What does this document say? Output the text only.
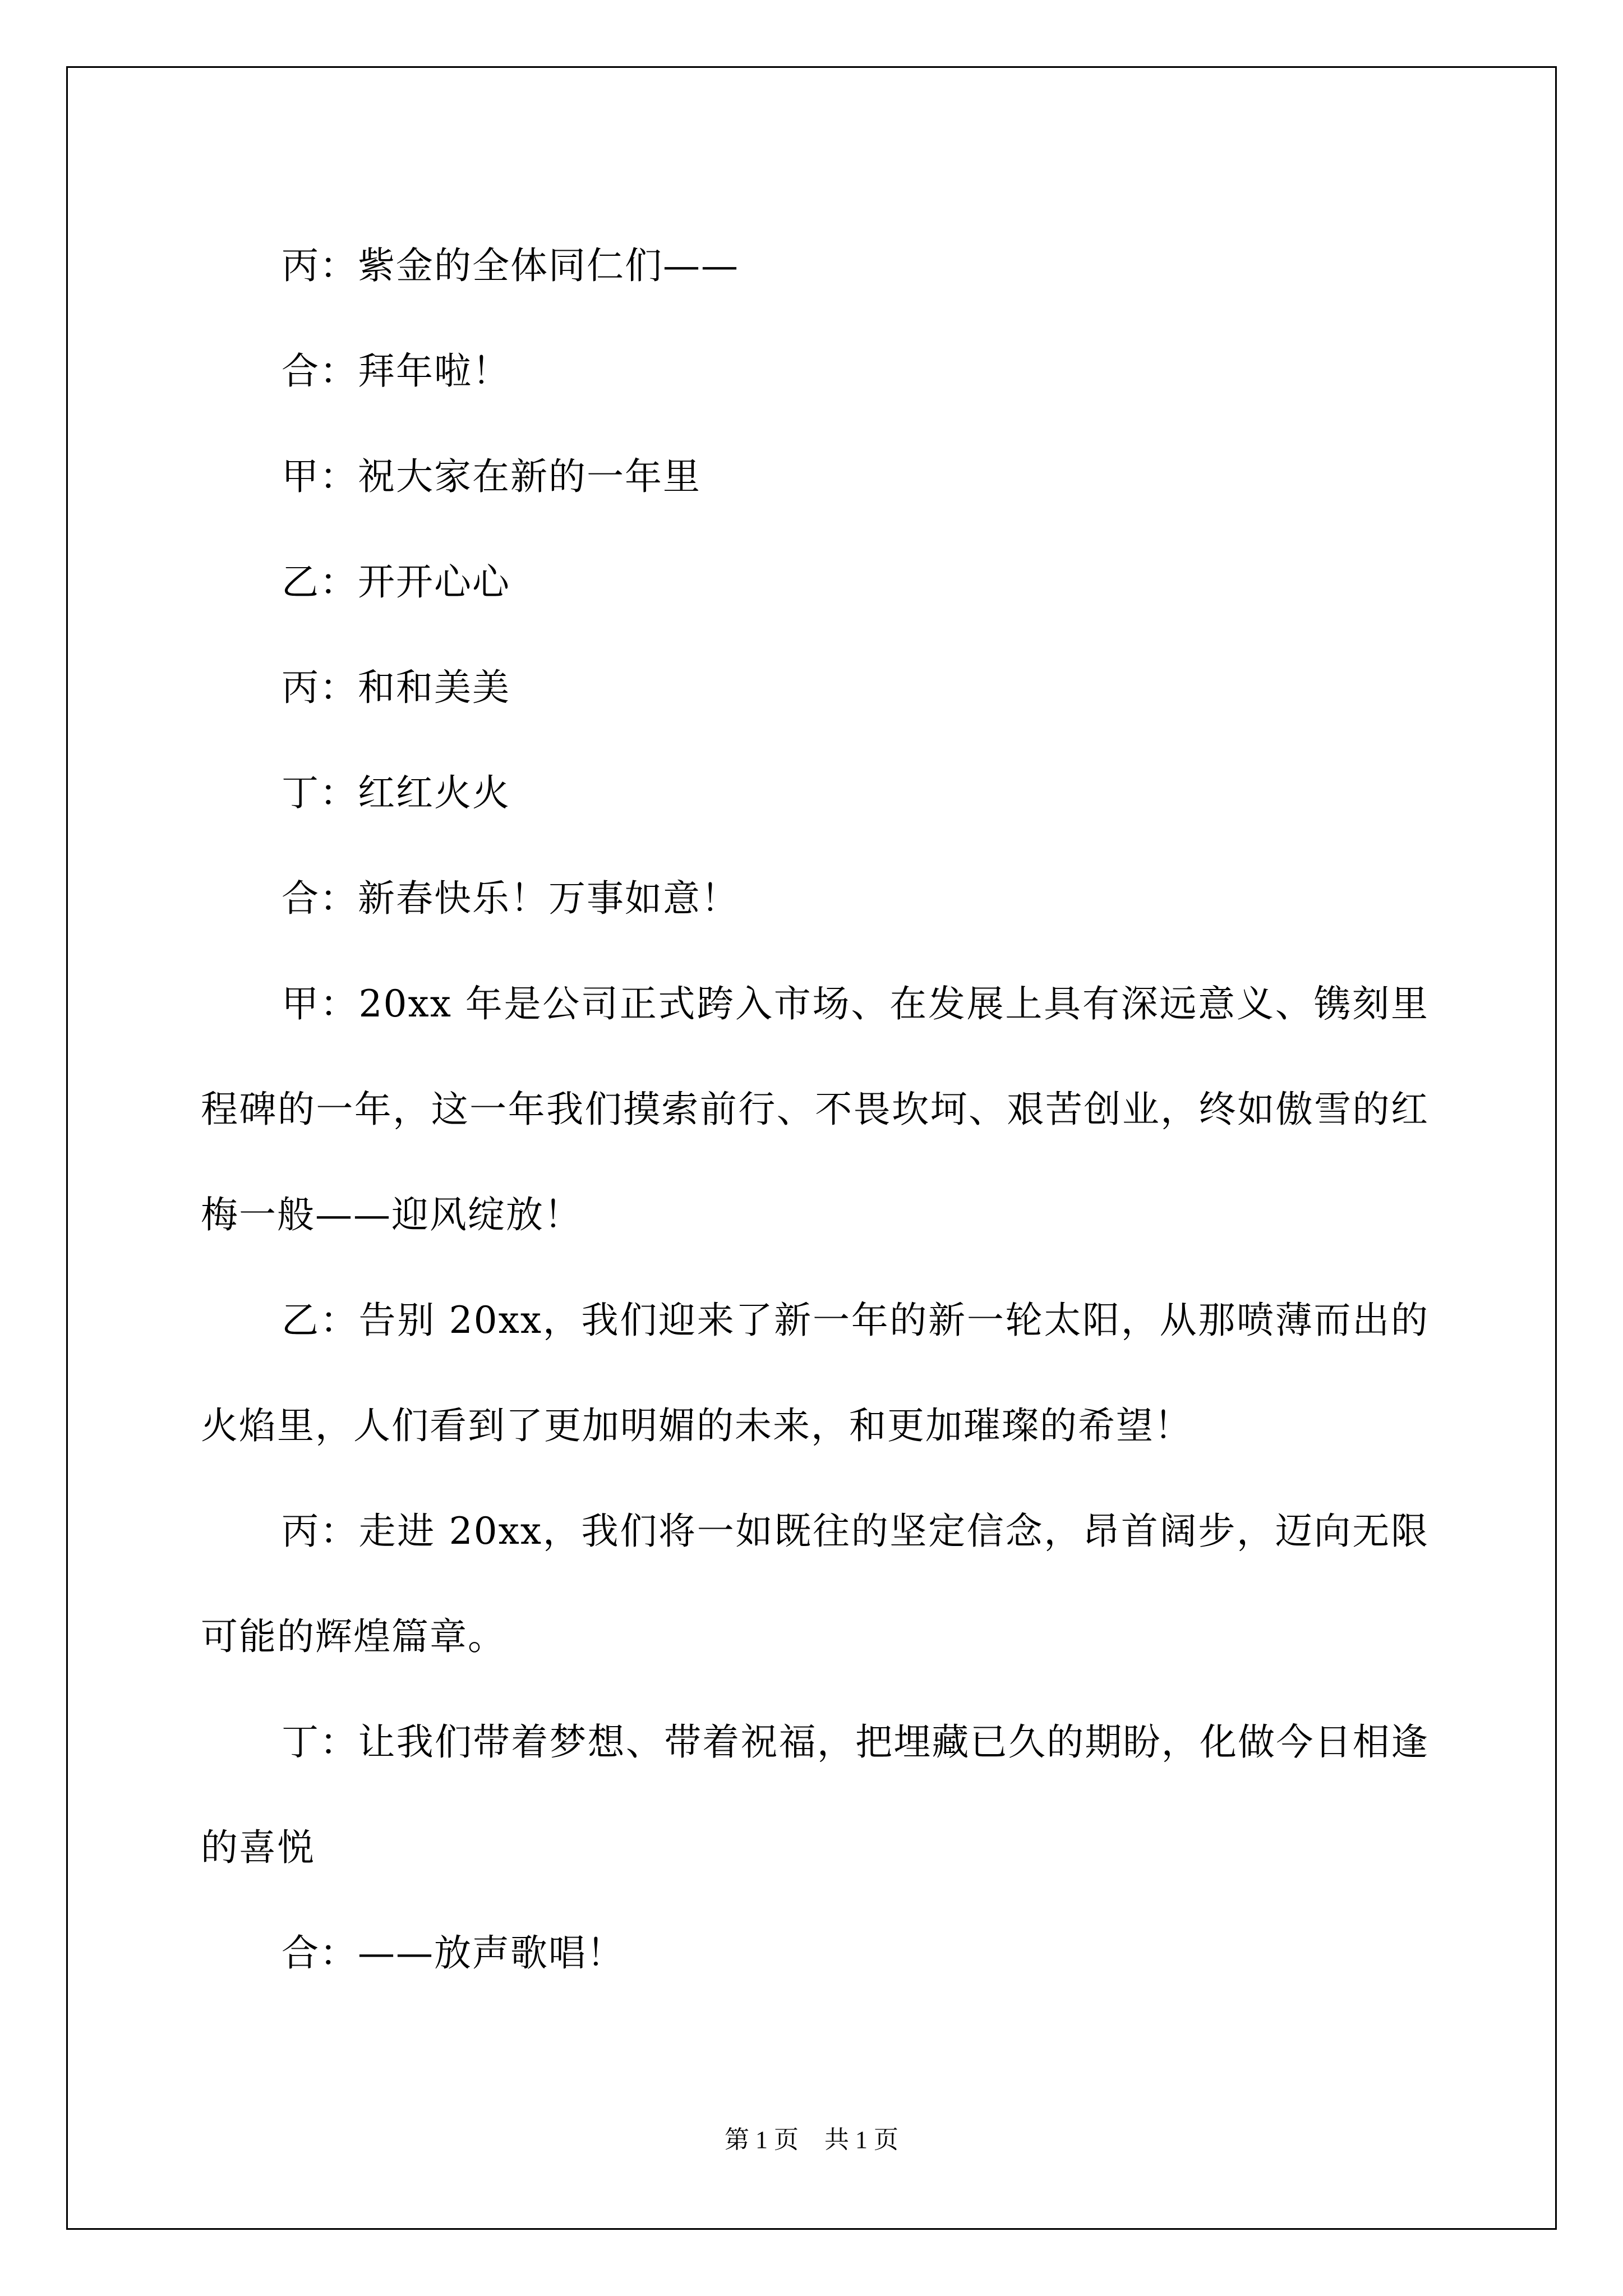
丙：紫金的全体同仁们——

合：拜年啦！

甲：祝大家在新的一年里

乙：开开心心

丙：和和美美

丁：红红火火

合：新春快乐！万事如意！

甲：20xx 年是公司正式跨入市场、在发展上具有深远意义、镌刻里程碑的一年，这一年我们摸索前行、不畏坎坷、艰苦创业，终如傲雪的红梅一般——迎风绽放！

乙：告别 20xx，我们迎来了新一年的新一轮太阳，从那喷薄而出的火焰里，人们看到了更加明媚的未来，和更加璀璨的希望！

丙：走进 20xx，我们将一如既往的坚定信念，昂首阔步，迈向无限可能的辉煌篇章。

丁：让我们带着梦想、带着祝福，把埋藏已久的期盼，化做今日相逢的喜悦

合：——放声歌唱！

第 1 页 共 1 页
